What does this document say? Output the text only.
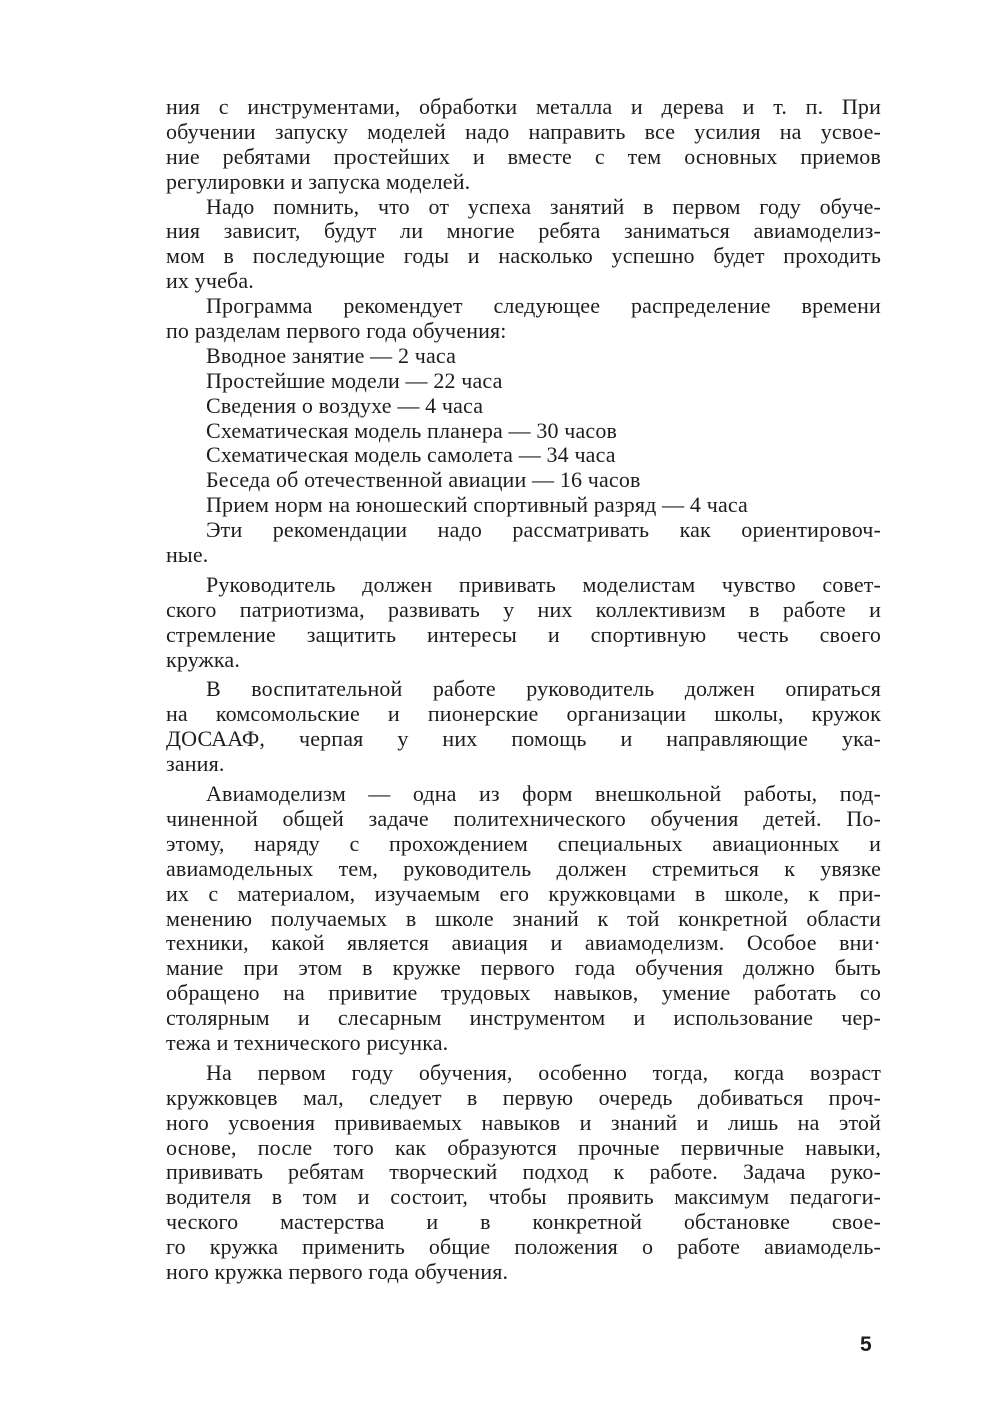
ния с инструментами, обработки металла и дерева и т. п. При
обучении запуску моделей надо направить все усилия на усвое-
ние ребятами простейших и вместе с тем основных приемов
регулировки и запуска моделей.
Надо помнить, что от успеха занятий в первом году обуче-
ния зависит, будут ли многие ребята заниматься авиамоделиз-
мом в последующие годы и насколько успешно будет проходить
их учеба.
Программа рекомендует следующее распределение времени
по разделам первого года обучения:
Вводное занятие — 2 часа
Простейшие модели — 22 часа
Сведения о воздухе — 4 часа
Схематическая модель планера — 30 часов
Схематическая модель самолета — 34 часа
Беседа об отечественной авиации — 16 часов
Прием норм на юношеский спортивный разряд — 4 часа
Эти рекомендации надо рассматривать как ориентировоч-
ные.
Руководитель должен прививать моделистам чувство совет-
ского патриотизма, развивать у них коллективизм в работе и
стремление защитить интересы и спортивную честь своего
кружка.
В воспитательной работе руководитель должен опираться
на комсомольские и пионерские организации школы, кружок
ДОСААФ, черпая у них помощь и направляющие ука-
зания.
Авиамоделизм — одна из форм внешкольной работы, под-
чиненной общей задаче политехнического обучения детей. По-
этому, наряду с прохождением специальных авиационных и
авиамодельных тем, руководитель должен стремиться к увязке
их с материалом, изучаемым его кружковцами в школе, к при-
менению получаемых в школе знаний к той конкретной области
техники, какой является авиация и авиамоделизм. Особое вни·
мание при этом в кружке первого года обучения должно быть
обращено на привитие трудовых навыков, умение работать со
столярным и слесарным инструментом и использование чер-
тежа и технического рисунка.
На первом году обучения, особенно тогда, когда возраст
кружковцев мал, следует в первую очередь добиваться проч-
ного усвоения прививаемых навыков и знаний и лишь на этой
основе, после того как образуются прочные первичные навыки,
прививать ребятам творческий подход к работе. Задача руко-
водителя в том и состоит, чтобы проявить максимум педагоги-
ческого мастерства и в конкретной обстановке свое-
го кружка применить общие положения о работе авиамодель-
ного кружка первого года обучения.
5
